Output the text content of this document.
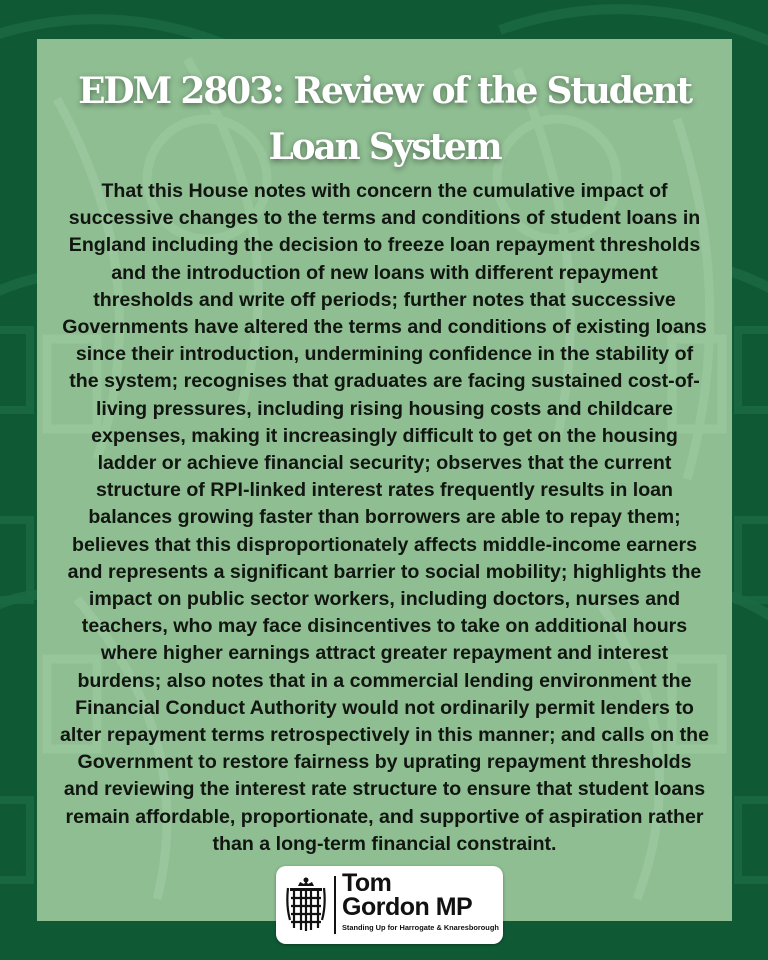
EDM 2803: Review of the Student Loan System
That this House notes with concern the cumulative impact of successive changes to the terms and conditions of student loans in England including the decision to freeze loan repayment thresholds and the introduction of new loans with different repayment thresholds and write off periods; further notes that successive Governments have altered the terms and conditions of existing loans since their introduction, undermining confidence in the stability of the system; recognises that graduates are facing sustained cost-of-living pressures, including rising housing costs and childcare expenses, making it increasingly difficult to get on the housing ladder or achieve financial security; observes that the current structure of RPI-linked interest rates frequently results in loan balances growing faster than borrowers are able to repay them; believes that this disproportionately affects middle-income earners and represents a significant barrier to social mobility; highlights the impact on public sector workers, including doctors, nurses and teachers, who may face disincentives to take on additional hours where higher earnings attract greater repayment and interest burdens; also notes that in a commercial lending environment the Financial Conduct Authority would not ordinarily permit lenders to alter repayment terms retrospectively in this manner; and calls on the Government to restore fairness by uprating repayment thresholds and reviewing the interest rate structure to ensure that student loans remain affordable, proportionate, and supportive of aspiration rather than a long-term financial constraint.
Tom
Gordon MP
Standing Up for Harrogate & Knaresborough
